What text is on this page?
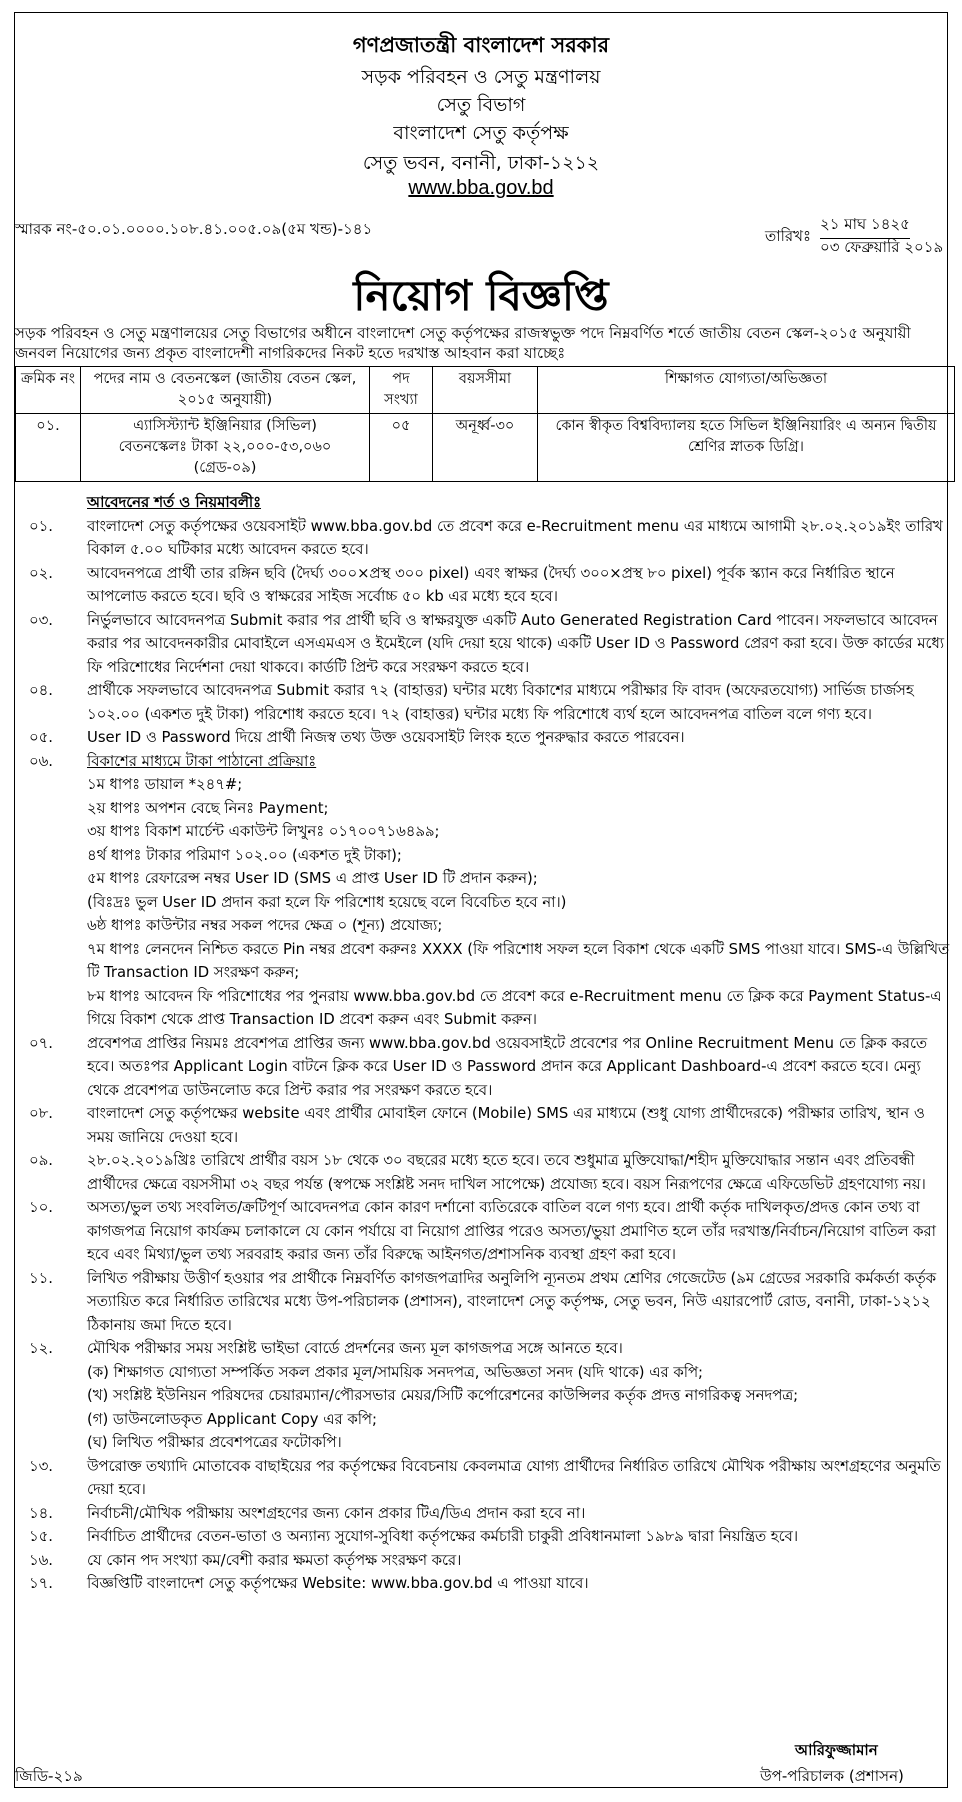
গণপ্রজাতন্ত্রী বাংলাদেশ সরকার
সড়ক পরিবহন ও সেতু মন্ত্রণালয়
সেতু বিভাগ
বাংলাদেশ সেতু কর্তৃপক্ষ
সেতু ভবন, বনানী, ঢাকা-১২১২
www.bba.gov.bd
স্মারক নং-৫০.০১.০০০০.১০৮.৪১.০০৫.০৯(৫ম খন্ড)-১৪১	তারিখঃ
২১ মাঘ ১৪২৫
০৩ ফেব্রুয়ারি ২০১৯
নিয়োগ বিজ্ঞপ্তি
সড়ক পরিবহন ও সেতু মন্ত্রণালয়ের সেতু বিভাগের অধীনে বাংলাদেশ সেতু কর্তৃপক্ষের রাজস্বভুক্ত পদে নিম্নবর্ণিত শর্তে জাতীয় বেতন স্কেল-২০১৫ অনুযায়ী জনবল নিয়োগের জন্য প্রকৃত বাংলাদেশী নাগরিকদের নিকট হতে দরখাস্ত আহবান করা যাচ্ছেঃ
ক্রমিক নং	পদের নাম ও বেতনস্কেল (জাতীয় বেতন স্কেল, ২০১৫ অনুযায়ী)	পদ সংখ্যা	বয়সসীমা	শিক্ষাগত যোগ্যতা/অভিজ্ঞতা
০১.	এ্যাসিস্ট্যান্ট ইঞ্জিনিয়ার (সিভিল)
বেতনস্কেলঃ টাকা ২২,০০০-৫৩,০৬০
(গ্রেড-০৯)	০৫	অনূর্ধ্ব-৩০	কোন স্বীকৃত বিশ্ববিদ্যালয় হতে সিভিল ইঞ্জিনিয়ারিং এ অন্যন দ্বিতীয় শ্রেণির স্নাতক ডিগ্রি।
আবেদনের শর্ত ও নিয়মাবলীঃ
০১.	বাংলাদেশ সেতু কর্তৃপক্ষের ওয়েবসাইট www.bba.gov.bd তে প্রবেশ করে e-Recruitment menu এর মাধ্যমে আগামী ২৮.০২.২০১৯ইং তারিখ বিকাল ৫.০০ ঘটিকার মধ্যে আবেদন করতে হবে।
০২.	আবেদনপত্রে প্রার্থী তার রঙ্গিন ছবি (দৈর্ঘ্য ৩০০×প্রস্থ ৩০০ pixel) এবং স্বাক্ষর (দৈর্ঘ্য ৩০০×প্রস্থ ৮০ pixel) পূর্বক স্ক্যান করে নির্ধারিত স্থানে আপলোড করতে হবে। ছবি ও স্বাক্ষরের সাইজ সর্বোচ্চ ৫০ kb এর মধ্যে হবে হবে।
০৩.	নির্ভুলভাবে আবেদনপত্র Submit করার পর প্রার্থী ছবি ও স্বাক্ষরযুক্ত একটি Auto Generated Registration Card পাবেন। সফলভাবে আবেদন করার পর আবেদনকারীর মোবাইলে এসএমএস ও ইমেইলে (যদি দেয়া হয়ে থাকে) একটি User ID ও Password প্রেরণ করা হবে। উক্ত কার্ডের মধ্যে ফি পরিশোধের নির্দেশনা দেয়া থাকবে। কার্ডটি প্রিন্ট করে সংরক্ষণ করতে হবে।
০৪.	প্রার্থীকে সফলভাবে আবেদনপত্র Submit করার ৭২ (বাহাত্তর) ঘন্টার মধ্যে বিকাশের মাধ্যমে পরীক্ষার ফি বাবদ (অফেরতযোগ্য) সার্ভিজ চার্জসহ ১০২.০০ (একশত দুই টাকা) পরিশোধ করতে হবে। ৭২ (বাহাত্তর) ঘন্টার মধ্যে ফি পরিশোধে ব্যর্থ হলে আবেদনপত্র বাতিল বলে গণ্য হবে।
০৫.	User ID ও Password দিয়ে প্রার্থী নিজস্ব তথ্য উক্ত ওয়েবসাইট লিংক হতে পুনরুদ্ধার করতে পারবেন।
০৬.	বিকাশের মাধ্যমে টাকা পাঠানো প্রক্রিয়াঃ
১ম ধাপঃ ডায়াল *২৪৭#;
২য় ধাপঃ অপশন বেছে নিনঃ Payment;
৩য় ধাপঃ বিকাশ মার্চেন্ট একাউন্ট লিখুনঃ ০১৭০০৭১৬৪৯৯;
৪র্থ ধাপঃ টাকার পরিমাণ ১০২.০০ (একশত দুই টাকা);
৫ম ধাপঃ রেফারেন্স নম্বর User ID (SMS এ প্রাপ্ত User ID টি প্রদান করুন);
(বিঃদ্রঃ ভুল User ID প্রদান করা হলে ফি পরিশোধ হয়েছে বলে বিবেচিত হবে না।)
৬ষ্ঠ ধাপঃ কাউন্টার নম্বর সকল পদের ক্ষেত্র ০ (শূন্য) প্রযোজ্য;
৭ম ধাপঃ লেনদেন নিশ্চিত করতে Pin নম্বর প্রবেশ করুনঃ XXXX (ফি পরিশোধ সফল হলে বিকাশ থেকে একটি SMS পাওয়া যাবে। SMS-এ উল্লিখিত টি Transaction ID সংরক্ষণ করুন;
৮ম ধাপঃ আবেদন ফি পরিশোধের পর পুনরায় www.bba.gov.bd তে প্রবেশ করে e-Recruitment menu তে ক্লিক করে Payment Status-এ গিয়ে বিকাশ থেকে প্রাপ্ত Transaction ID প্রবেশ করুন এবং Submit করুন।
০৭.	প্রবেশপত্র প্রাপ্তির নিয়মঃ প্রবেশপত্র প্রাপ্তির জন্য www.bba.gov.bd ওয়েবসাইটে প্রবেশের পর Online Recruitment Menu তে ক্লিক করতে হবে। অতঃপর Applicant Login বাটনে ক্লিক করে User ID ও Password প্রদান করে Applicant Dashboard-এ প্রবেশ করতে হবে। মেন্যু থেকে প্রবেশপত্র ডাউনলোড করে প্রিন্ট করার পর সংরক্ষণ করতে হবে।
০৮.	বাংলাদেশ সেতু কর্তৃপক্ষের website এবং প্রার্থীর মোবাইল ফোনে (Mobile) SMS এর মাধ্যমে (শুধু যোগ্য প্রার্থীদেরকে) পরীক্ষার তারিখ, স্থান ও সময় জানিয়ে দেওয়া হবে।
০৯.	২৮.০২.২০১৯খ্রিঃ তারিখে প্রার্থীর বয়স ১৮ থেকে ৩০ বছরের মধ্যে হতে হবে। তবে শুধুমাত্র মুক্তিযোদ্ধা/শহীদ মুক্তিযোদ্ধার সন্তান এবং প্রতিবন্ধী প্রার্থীদের ক্ষেত্রে বয়সসীমা ৩২ বছর পর্যন্ত (স্বপক্ষে সংশ্লিষ্ট সনদ দাখিল সাপেক্ষে) প্রযোজ্য হবে। বয়স নিরূপণের ক্ষেত্রে এফিডেভিট গ্রহণযোগ্য নয়।
১০.	অসত্য/ভুল তথ্য সংবলিত/ক্রটিপূর্ণ আবেদনপত্র কোন কারণ দর্শানো ব্যতিরেকে বাতিল বলে গণ্য হবে। প্রার্থী কর্তৃক দাখিলকৃত/প্রদত্ত কোন তথ্য বা কাগজপত্র নিয়োগ কার্যক্রম চলাকালে যে কোন পর্যায়ে বা নিয়োগ প্রাপ্তির পরেও অসত্য/ভুয়া প্রমাণিত হলে তাঁর দরখাস্ত/নির্বাচন/নিয়োগ বাতিল করা হবে এবং মিথ্যা/ভুল তথ্য সরবরাহ করার জন্য তাঁর বিরুদ্ধে আইনগত/প্রশাসনিক ব্যবস্থা গ্রহণ করা হবে।
১১.	লিখিত পরীক্ষায় উত্তীর্ণ হওয়ার পর প্রার্থীকে নিম্নবর্ণিত কাগজপত্রাদির অনুলিপি ন্যূনতম প্রথম শ্রেণির গেজেটেড (৯ম গ্রেডের সরকারি কর্মকর্তা কর্তৃক সত্যায়িত করে নির্ধারিত তারিখের মধ্যে উপ-পরিচালক (প্রশাসন), বাংলাদেশ সেতু কর্তৃপক্ষ, সেতু ভবন, নিউ এয়ারপোর্ট রোড, বনানী, ঢাকা-১২১২ ঠিকানায় জমা দিতে হবে।
১২.	মৌখিক পরীক্ষার সময় সংশ্লিষ্ট ভাইভা বোর্ডে প্রদর্শনের জন্য মূল কাগজপত্র সঙ্গে আনতে হবে।
(ক) শিক্ষাগত যোগ্যতা সম্পর্কিত সকল প্রকার মূল/সাময়িক সনদপত্র, অভিজ্ঞতা সনদ (যদি থাকে) এর কপি;
(খ) সংশ্লিষ্ট ইউনিয়ন পরিষদের চেয়ারম্যান/পৌরসভার মেয়র/সিটি কর্পোরেশনের কাউন্সিলর কর্তৃক প্রদত্ত নাগরিকত্ব সনদপত্র;
(গ) ডাউনলোডকৃত Applicant Copy এর কপি;
(ঘ) লিখিত পরীক্ষার প্রবেশপত্রের ফটোকপি।
১৩.	উপরোক্ত তথ্যাদি মোতাবেক বাছাইয়ের পর কর্তৃপক্ষের বিবেচনায় কেবলমাত্র যোগ্য প্রার্থীদের নির্ধারিত তারিখে মৌখিক পরীক্ষায় অংশগ্রহণের অনুমতি দেয়া হবে।
১৪.	নির্বাচনী/মৌখিক পরীক্ষায় অংশগ্রহণের জন্য কোন প্রকার টিএ/ডিএ প্রদান করা হবে না।
১৫.	নির্বাচিত প্রার্থীদের বেতন-ভাতা ও অন্যান্য সুযোগ-সুবিধা কর্তৃপক্ষের কর্মচারী চাকুরী প্রবিধানমালা ১৯৮৯ দ্বারা নিয়ন্ত্রিত হবে।
১৬.	যে কোন পদ সংখ্যা কম/বেশী করার ক্ষমতা কর্তৃপক্ষ সংরক্ষণ করে।
১৭.	বিজ্ঞপ্তিটি বাংলাদেশ সেতু কর্তৃপক্ষের Website: www.bba.gov.bd এ পাওয়া যাবে।
আরিফুজ্জামান
উপ-পরিচালক (প্রশাসন)
জিডি-২১৯
